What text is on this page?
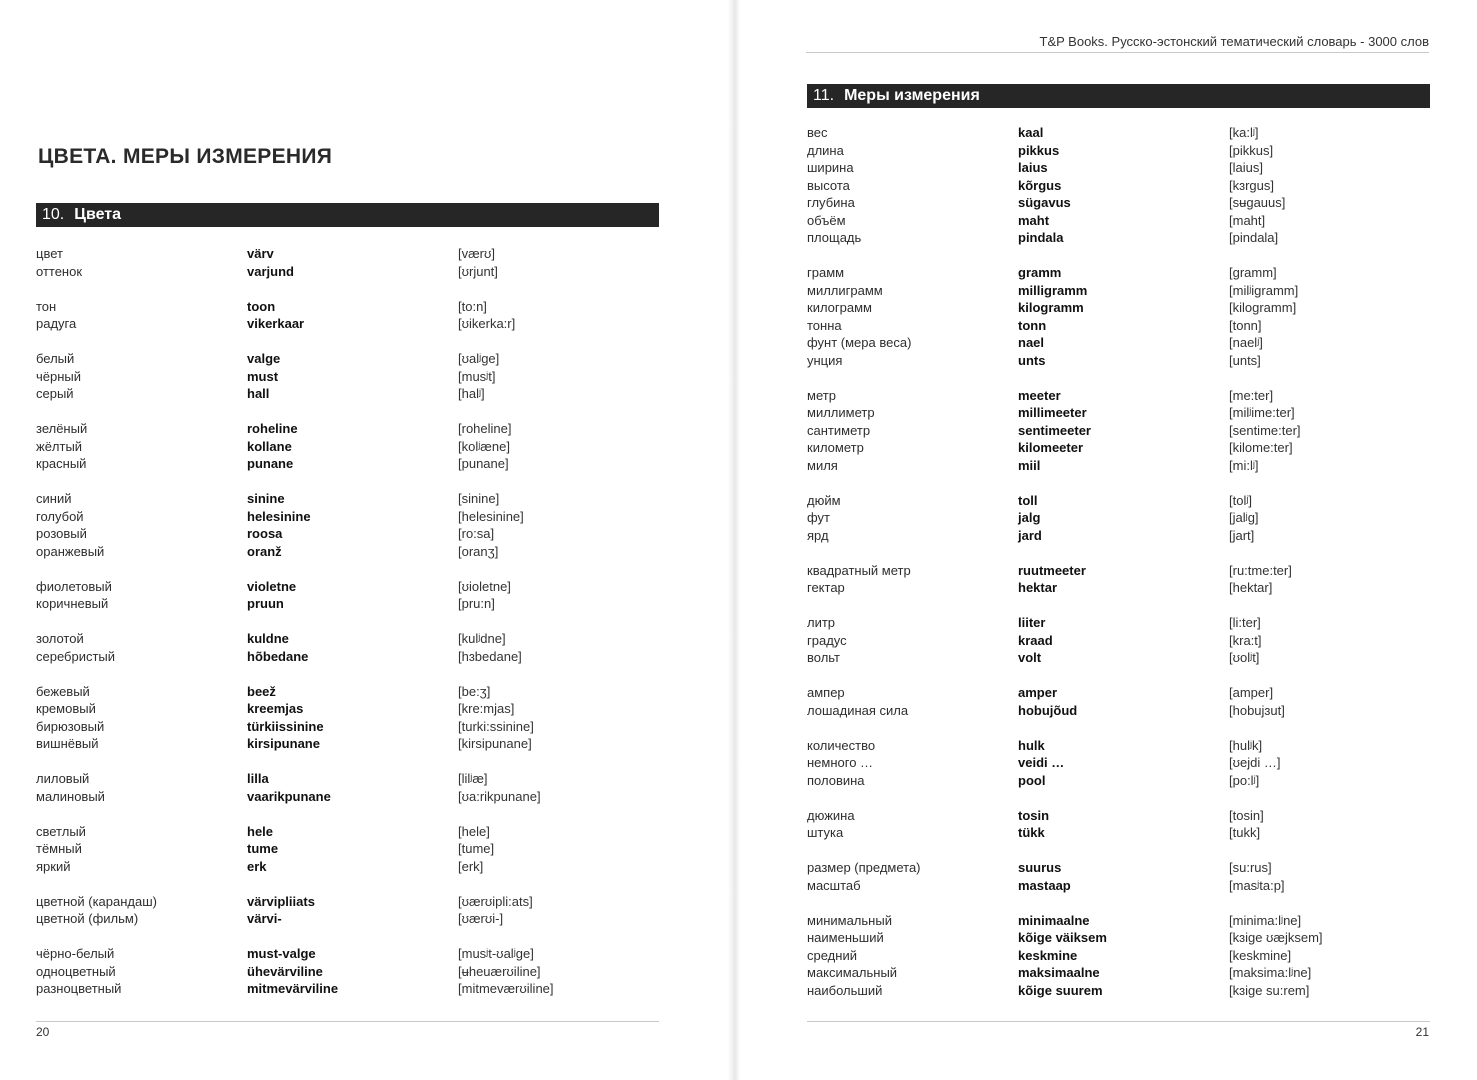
ЦВЕТА. МЕРЫ ИЗМЕРЕНИЯ
10. Цвета
цвет	värv	[værʊ]
оттенок	varjund	[ʊrjunt]
тон	toon	[to:n]
радуга	vikerkaar	[ʊikerka:r]
белый	valge	[ʊalʲge]
чёрный	must	[musʲt]
серый	hall	[halʲ]
зелёный	roheline	[roheline]
жёлтый	kollane	[kolʲæne]
красный	punane	[punane]
синий	sinine	[sinine]
голубой	helesinine	[helesinine]
розовый	roosa	[ro:sa]
оранжевый	oranž	[oranʒ]
фиолетовый	violetne	[ʊioletne]
коричневый	pruun	[pru:n]
золотой	kuldne	[kulʲdne]
серебристый	hõbedane	[hɜbedane]
бежевый	beež	[be:ʒ]
кремовый	kreemjas	[kre:mjas]
бирюзовый	türkiissinine	[turki:ssinine]
вишнёвый	kirsipunane	[kirsipunane]
лиловый	lilla	[lilʲæ]
малиновый	vaarikpunane	[ʊa:rikpunane]
светлый	hele	[hele]
тёмный	tume	[tume]
яркий	erk	[erk]
цветной (карандаш)	värvipliiats	[ʊærʊipli:ats]
цветной (фильм)	värvi-	[ʊærʊi-]
чёрно-белый	must-valge	[musʲt-ʊalʲge]
одноцветный	ühevärviline	[ʉheuærʊiline]
разноцветный	mitmevärviline	[mitmeværʊiline]
20
T&P Books. Русско-эстонский тематический словарь - 3000 слов
11. Меры измерения
вес	kaal	[ka:lʲ]
длина	pikkus	[pikkus]
ширина	laius	[laius]
высота	kõrgus	[kɜrgus]
глубина	sügavus	[sʉgauus]
объём	maht	[maht]
площадь	pindala	[pindala]
грамм	gramm	[gramm]
миллиграмм	milligramm	[milʲigramm]
килограмм	kilogramm	[kilogramm]
тонна	tonn	[tonn]
фунт (мера веса)	nael	[naelʲ]
унция	unts	[unts]
метр	meeter	[me:ter]
миллиметр	millimeeter	[milʲime:ter]
сантиметр	sentimeeter	[sentime:ter]
километр	kilomeeter	[kilome:ter]
миля	miil	[mi:lʲ]
дюйм	toll	[tolʲ]
фут	jalg	[jalʲg]
ярд	jard	[jart]
квадратный метр	ruutmeeter	[ru:tme:ter]
гектар	hektar	[hektar]
литр	liiter	[li:ter]
градус	kraad	[kra:t]
вольт	volt	[ʊolʲt]
ампер	amper	[amper]
лошадиная сила	hobujõud	[hobujɜut]
количество	hulk	[hulʲk]
немного …	veidi …	[ʊejdi …]
половина	pool	[po:lʲ]
дюжина	tosin	[tosin]
штука	tükk	[tukk]
размер (предмета)	suurus	[su:rus]
масштаб	mastaap	[masʲta:p]
минимальный	minimaalne	[minima:lʲne]
наименьший	kõige väiksem	[kɜige ʊæjksem]
средний	keskmine	[keskmine]
максимальный	maksimaalne	[maksima:lʲne]
наибольший	kõige suurem	[kɜige su:rem]
21
